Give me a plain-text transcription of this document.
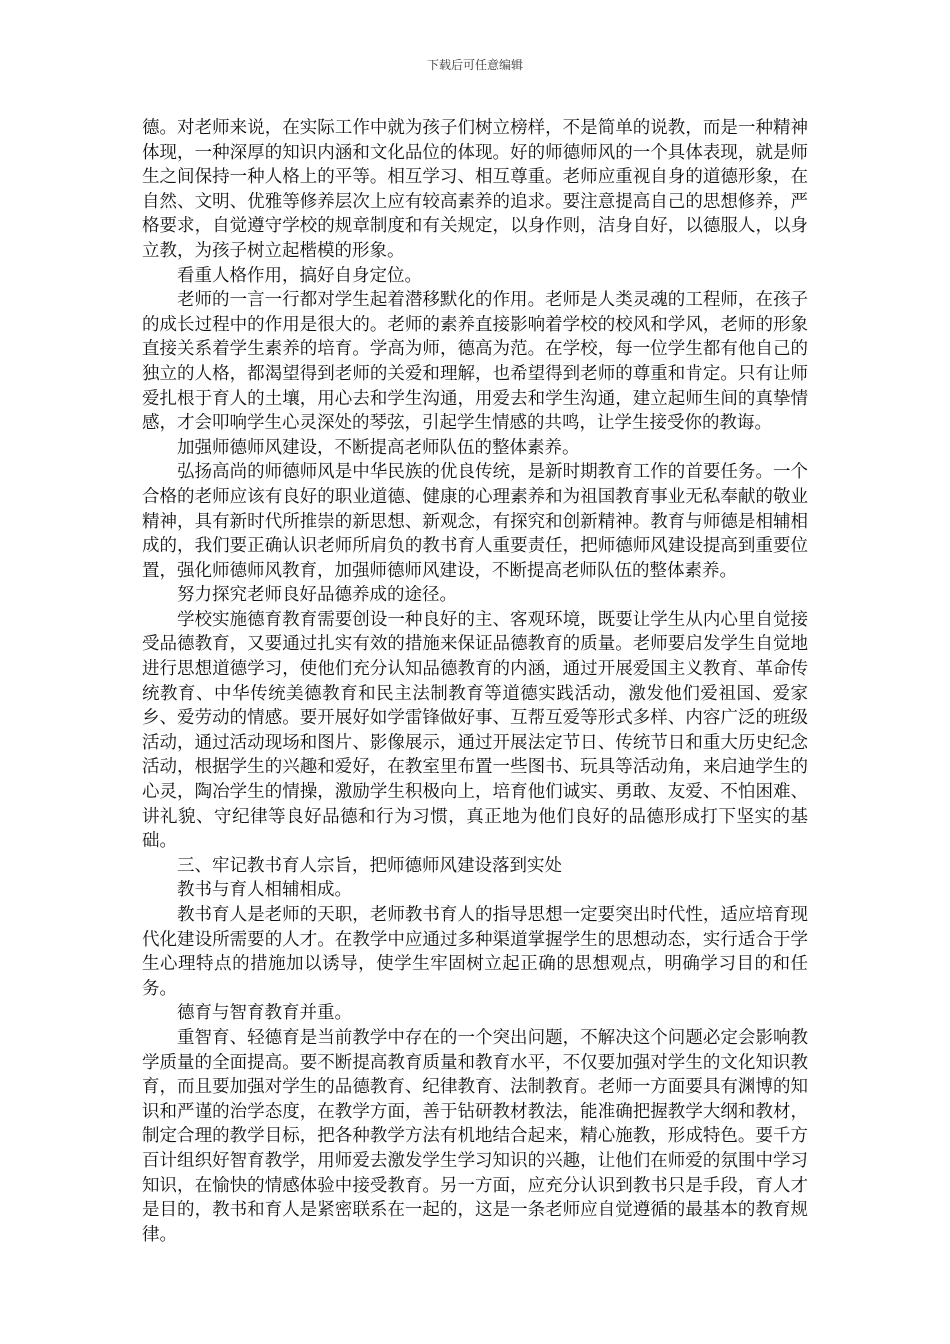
下载后可任意编辑

德。对老师来说，在实际工作中就为孩子们树立榜样，不是简单的说教，而是一种精神体现，一种深厚的知识内涵和文化品位的体现。好的师德师风的一个具体表现，就是师生之间保持一种人格上的平等。相互学习、相互尊重。老师应重视自身的道德形象，在自然、文明、优雅等修养层次上应有较高素养的追求。要注意提高自己的思想修养，严格要求，自觉遵守学校的规章制度和有关规定，以身作则，洁身自好，以德服人，以身立教，为孩子树立起楷模的形象。

看重人格作用，搞好自身定位。

老师的一言一行都对学生起着潜移默化的作用。老师是人类灵魂的工程师，在孩子的成长过程中的作用是很大的。老师的素养直接影响着学校的校风和学风，老师的形象直接关系着学生素养的培育。学高为师，德高为范。在学校，每一位学生都有他自己的独立的人格，都渴望得到老师的关爱和理解，也希望得到老师的尊重和肯定。只有让师爱扎根于育人的土壤，用心去和学生沟通，用爱去和学生沟通，建立起师生间的真挚情感，才会叩响学生心灵深处的琴弦，引起学生情感的共鸣，让学生接受你的教诲。

加强师德师风建设，不断提高老师队伍的整体素养。

弘扬高尚的师德师风是中华民族的优良传统，是新时期教育工作的首要任务。一个合格的老师应该有良好的职业道德、健康的心理素养和为祖国教育事业无私奉献的敬业精神，具有新时代所推崇的新思想、新观念，有探究和创新精神。教育与师德是相辅相成的，我们要正确认识老师所肩负的教书育人重要责任，把师德师风建设提高到重要位置，强化师德师风教育，加强师德师风建设，不断提高老师队伍的整体素养。

努力探究老师良好品德养成的途径。

学校实施德育教育需要创设一种良好的主、客观环境，既要让学生从内心里自觉接受品德教育，又要通过扎实有效的措施来保证品德教育的质量。老师要启发学生自觉地进行思想道德学习，使他们充分认知品德教育的内涵，通过开展爱国主义教育、革命传统教育、中华传统美德教育和民主法制教育等道德实践活动，激发他们爱祖国、爱家乡、爱劳动的情感。要开展好如学雷锋做好事、互帮互爱等形式多样、内容广泛的班级活动，通过活动现场和图片、影像展示，通过开展法定节日、传统节日和重大历史纪念活动，根据学生的兴趣和爱好，在教室里布置一些图书、玩具等活动角，来启迪学生的心灵，陶冶学生的情操，激励学生积极向上，培育他们诚实、勇敢、友爱、不怕困难、讲礼貌、守纪律等良好品德和行为习惯，真正地为他们良好的品德形成打下坚实的基础。

三、牢记教书育人宗旨，把师德师风建设落到实处

教书与育人相辅相成。

教书育人是老师的天职，老师教书育人的指导思想一定要突出时代性，适应培育现代化建设所需要的人才。在教学中应通过多种渠道掌握学生的思想动态，实行适合于学生心理特点的措施加以诱导，使学生牢固树立起正确的思想观点，明确学习目的和任务。

德育与智育教育并重。

重智育、轻德育是当前教学中存在的一个突出问题，不解决这个问题必定会影响教学质量的全面提高。要不断提高教育质量和教育水平，不仅要加强对学生的文化知识教育，而且要加强对学生的品德教育、纪律教育、法制教育。老师一方面要具有渊博的知识和严谨的治学态度，在教学方面，善于钻研教材教法，能准确把握教学大纲和教材，制定合理的教学目标，把各种教学方法有机地结合起来，精心施教，形成特色。要千方百计组织好智育教学，用师爱去激发学生学习知识的兴趣，让他们在师爱的氛围中学习知识，在愉快的情感体验中接受教育。另一方面，应充分认识到教书只是手段，育人才是目的，教书和育人是紧密联系在一起的，这是一条老师应自觉遵循的最基本的教育规律。
